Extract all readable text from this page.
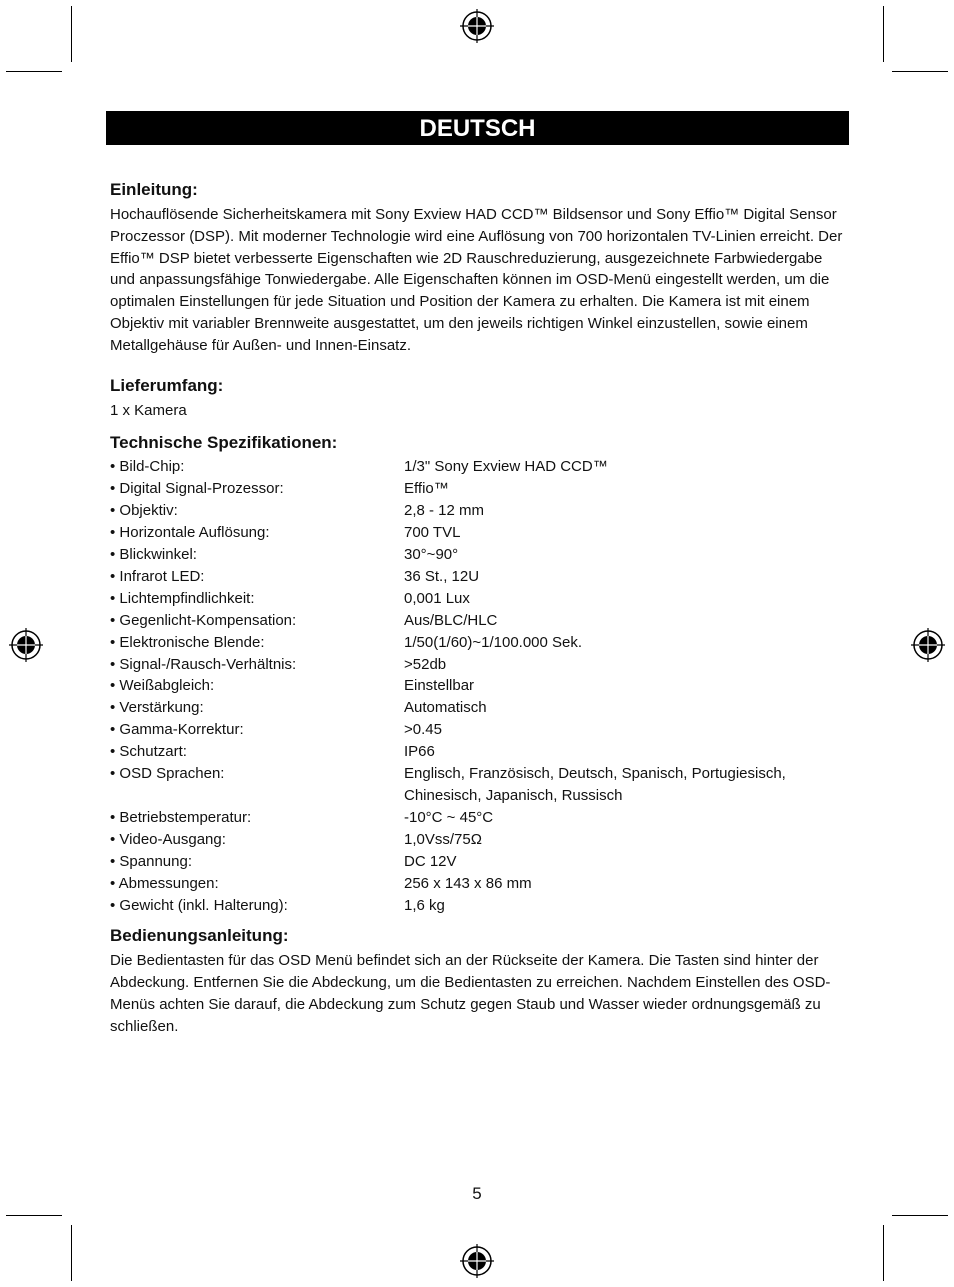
DEUTSCH
Einleitung:

Hochauflösende Sicherheitskamera mit Sony Exview HAD CCD™ Bildsensor und Sony Effio™ Digital Sensor Proczessor (DSP). Mit moderner Technologie wird eine Auflösung von 700 horizontalen TV-Linien erreicht. Der Effio™ DSP bietet verbesserte Eigenschaften wie 2D Rauschreduzierung, ausgezeichnete Farbwiedergabe und anpassungsfähige Tonwiedergabe. Alle Eigenschaften können im OSD-Menü eingestellt werden, um die optimalen Einstellungen für jede Situation und Position der Kamera zu erhalten. Die Kamera ist mit einem Objektiv mit variabler Brennweite ausgestattet, um den jeweils richtigen Winkel einzustellen, sowie einem Metallgehäuse für Außen- und Innen-Einsatz.

Lieferumfang:

1 x Kamera

Technische Spezifikationen:
• Bild-Chip:	1/3" Sony Exview HAD CCD™
• Digital Signal-Prozessor:	Effio™
• Objektiv:	2,8 - 12 mm
• Horizontale Auflösung:	700 TVL
• Blickwinkel:	30°~90°
• Infrarot LED:	36 St., 12U
• Lichtempfindlichkeit:	0,001 Lux
• Gegenlicht-Kompensation:	Aus/BLC/HLC
• Elektronische Blende:	1/50(1/60)~1/100.000 Sek.
• Signal-/Rausch-Verhältnis:	>52db
• Weißabgleich:	Einstellbar
• Verstärkung:	Automatisch
• Gamma-Korrektur:	>0.45
• Schutzart:	IP66
• OSD Sprachen:	Englisch, Französisch, Deutsch, Spanisch, Portugiesisch, Chinesisch, Japanisch, Russisch
• Betriebstemperatur:	-10°C ~ 45°C
• Video-Ausgang:	1,0Vss/75Ω
• Spannung:	DC 12V
• Abmessungen:	256 x 143 x 86 mm
• Gewicht (inkl. Halterung):	1,6 kg
Bedienungsanleitung:

Die Bedientasten für das OSD Menü befindet sich an der Rückseite der Kamera. Die Tasten sind hinter der Abdeckung. Entfernen Sie die Abdeckung, um die Bedientasten zu erreichen. Nachdem Einstellen des OSD-Menüs achten Sie darauf, die Abdeckung zum Schutz gegen Staub und Wasser wieder ordnungsgemäß zu schließen.

5
